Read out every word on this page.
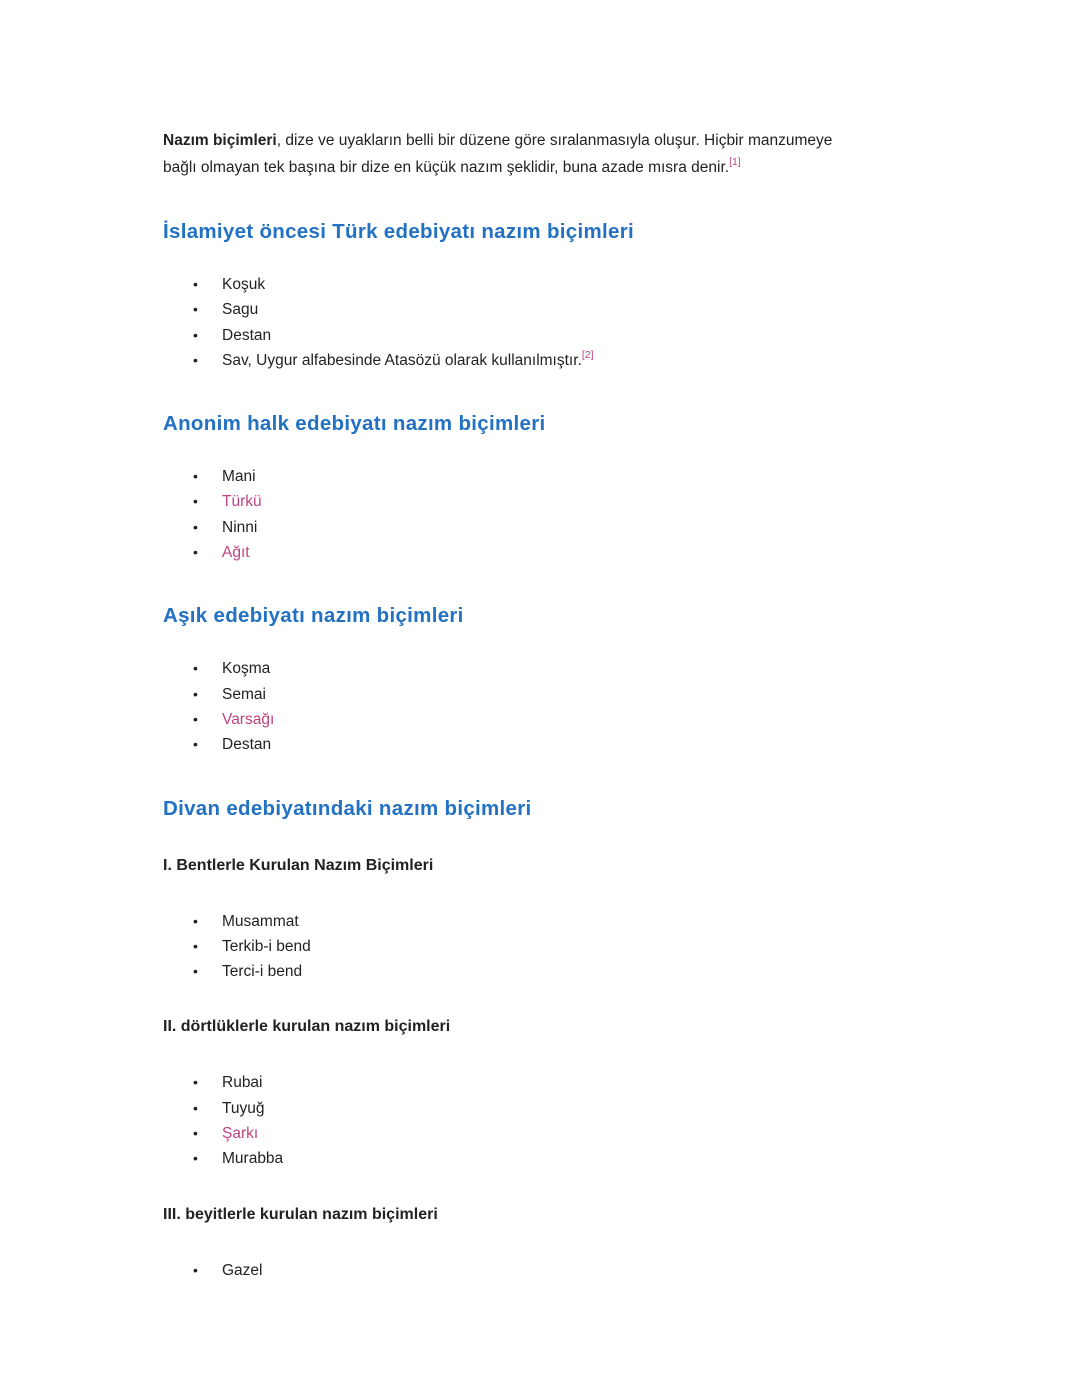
Nazım biçimleri, dize ve uyakların belli bir düzene göre sıralanmasıyla oluşur. Hiçbir manzumeye
bağlı olmayan tek başına bir dize en küçük nazım şeklidir, buna azade mısra denir.[1]

İslamiyet öncesi Türk edebiyatı nazım biçimleri
• Koşuk
• Sagu
• Destan
• Sav, Uygur alfabesinde Atasözü olarak kullanılmıştır.[2]
Anonim halk edebiyatı nazım biçimleri
• Mani
• Türkü
• Ninni
• Ağıt
Aşık edebiyatı nazım biçimleri
• Koşma
• Semai
• Varsağı
• Destan
Divan edebiyatındaki nazım biçimleri
I. Bentlerle Kurulan Nazım Biçimleri
• Musammat
• Terkib-i bend
• Terci-i bend
II. dörtlüklerle kurulan nazım biçimleri
• Rubai
• Tuyuğ
• Şarkı
• Murabba
III. beyitlerle kurulan nazım biçimleri
• Gazel
